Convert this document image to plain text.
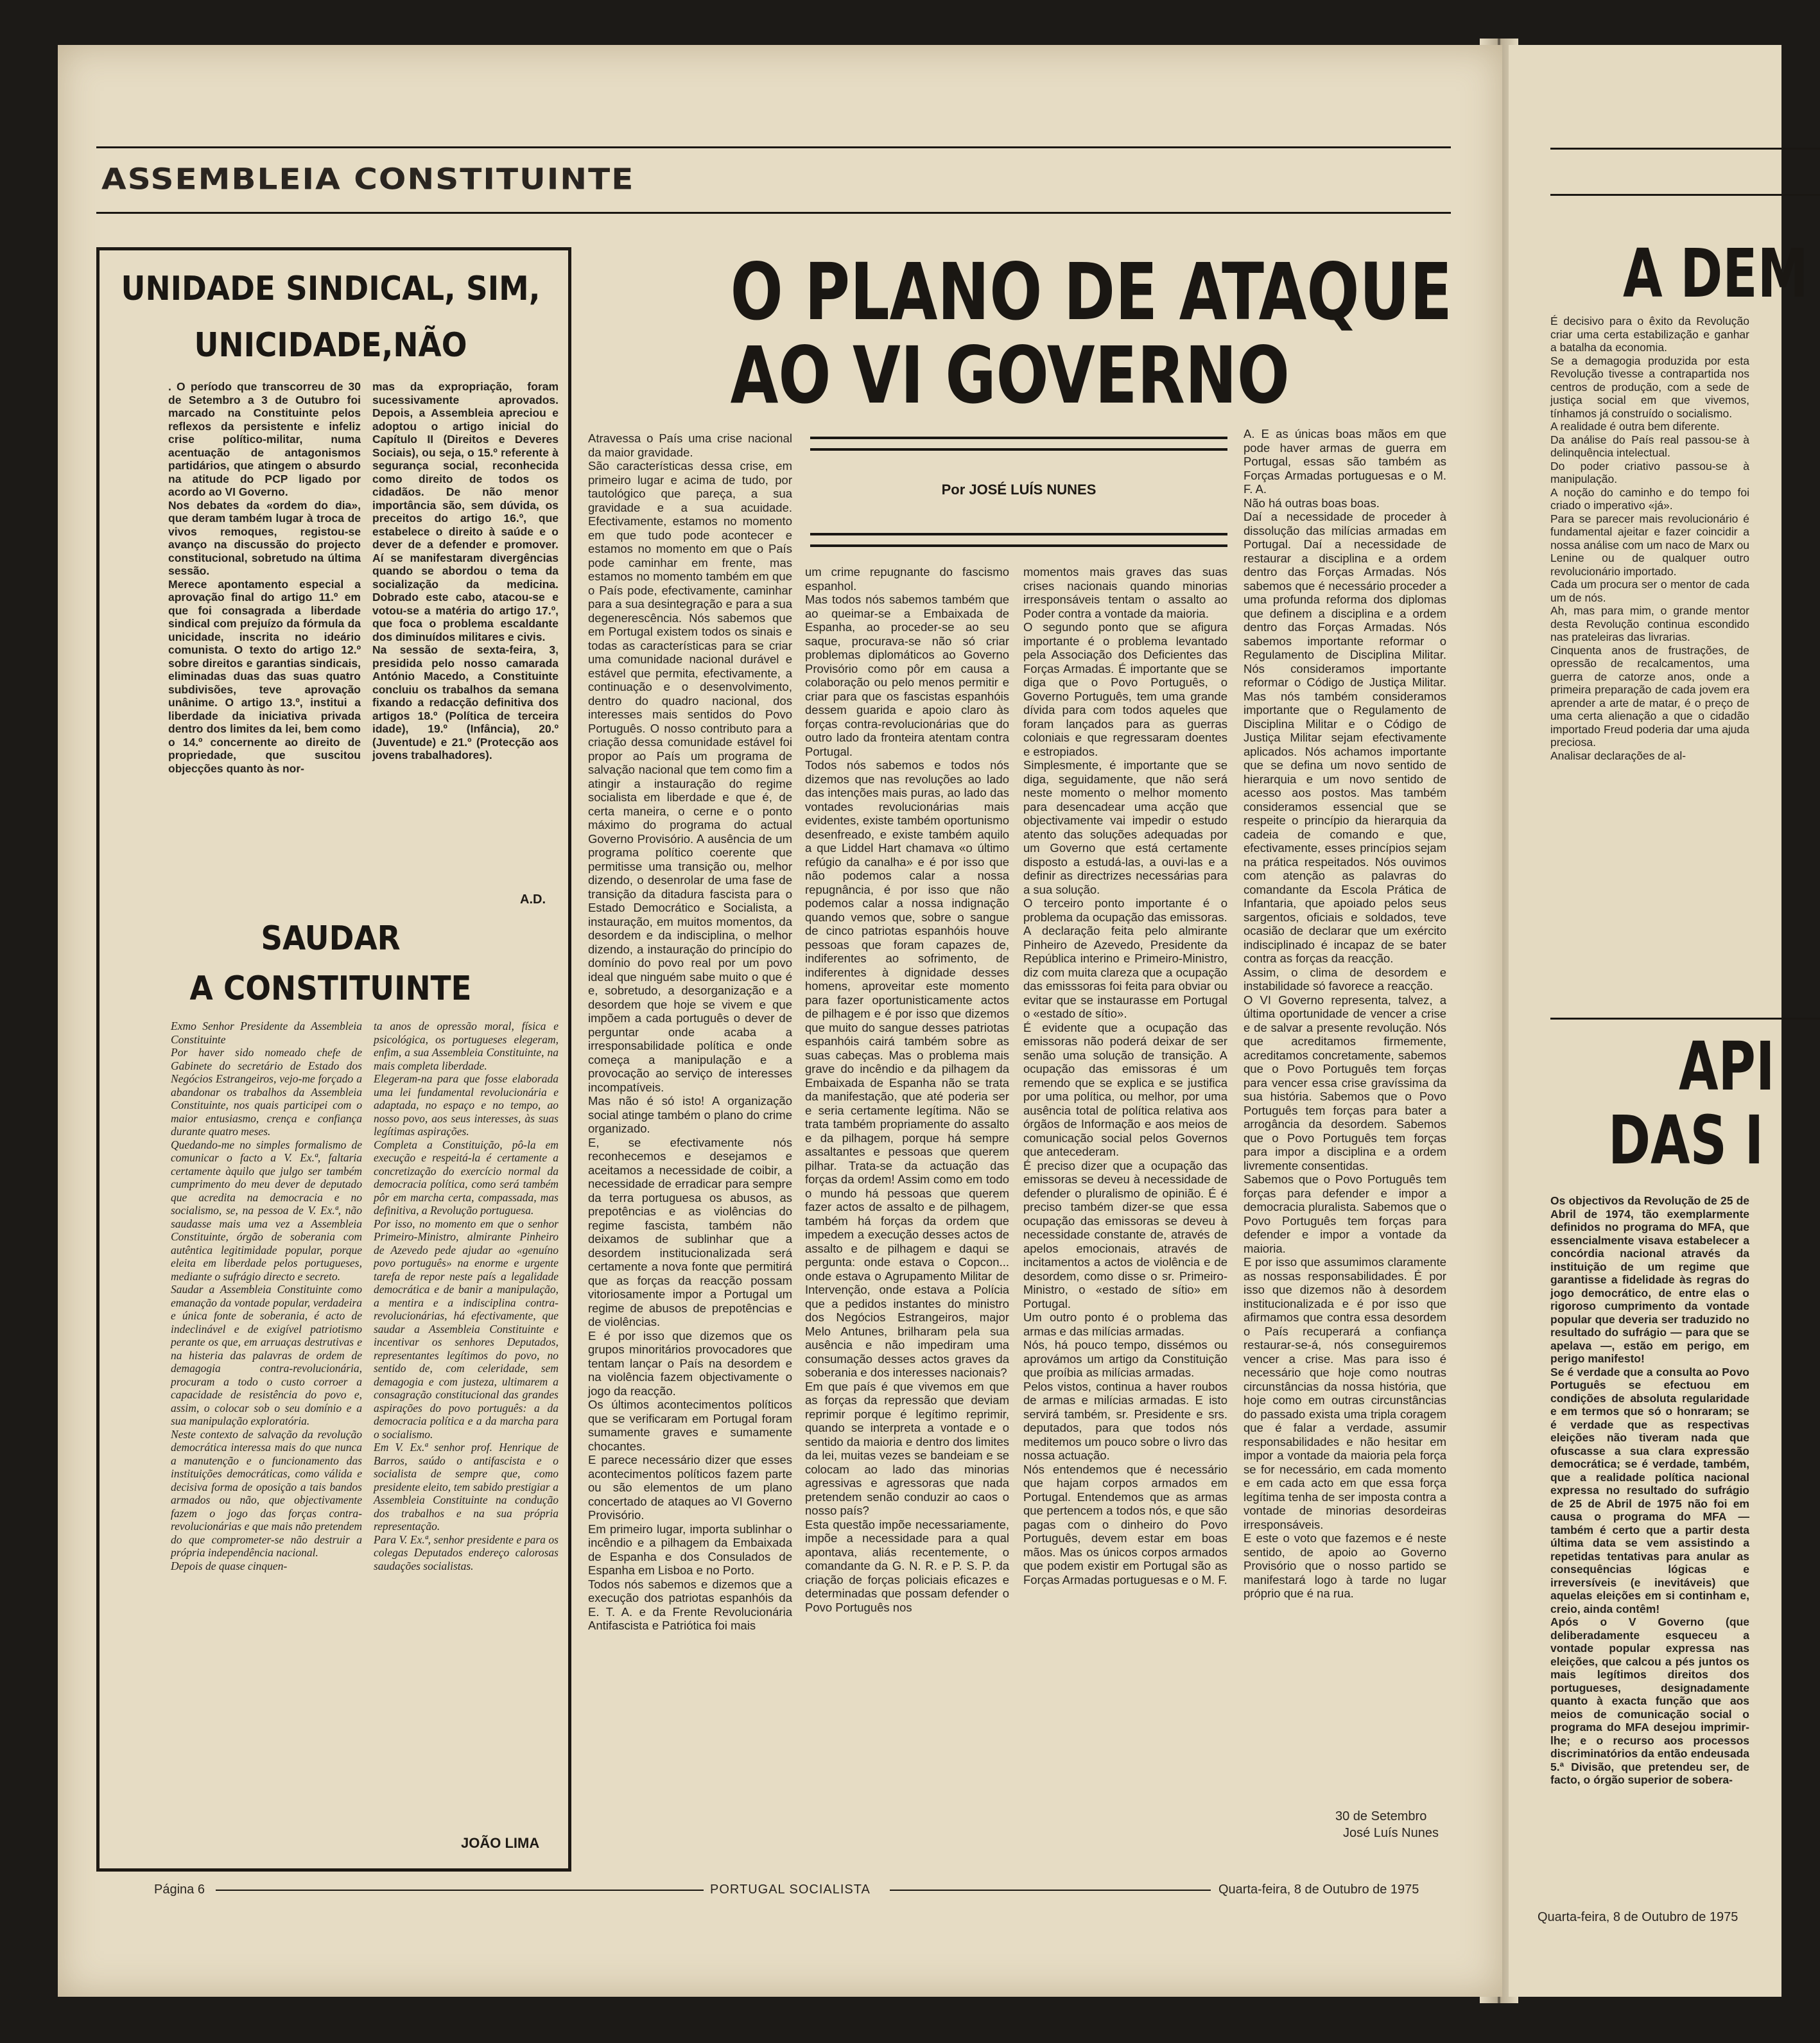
ASSEMBLEIA CONSTITUINTE
UNIDADE SINDICAL, SIM,
UNICIDADE,NÃO
. O período que transcorreu de 30 de Setembro a 3 de Outubro foi marcado na Constituinte pelos reflexos da persistente e infeliz crise político-militar, numa acentuação de antagonismos partidários, que atingem o absurdo na atitude do PCP ligado por acordo ao VI Governo.
Nos debates da «ordem do dia», que deram também lugar à troca de vivos remoques, registou-se avanço na discussão do projecto constitucional, sobretudo na última sessão.
Merece apontamento especial a aprovação final do artigo 11.º em que foi consagrada a liberdade sindical com prejuízo da fórmula da unicidade, inscrita no ideário comunista. O texto do artigo 12.º sobre direitos e garantias sindicais, eliminadas duas das suas quatro subdivisões, teve aprovação unânime. O artigo 13.º, institui a liberdade da iniciativa privada dentro dos limites da lei, bem como o 14.º concernente ao direito de propriedade, que suscitou objecções quanto às nor-
mas da expropriação, foram sucessivamente aprovados. Depois, a Assembleia apreciou e adoptou o artigo inicial do Capítulo II (Direitos e Deveres Sociais), ou seja, o 15.º referente à segurança social, reconhecida como direito de todos os cidadãos. De não menor importância são, sem dúvida, os preceitos do artigo 16.º, que estabelece o direito à saúde e o dever de a defender e promover. Aí se manifestaram divergências quando se abordou o tema da socialização da medicina. Dobrado este cabo, atacou-se e votou-se a matéria do artigo 17.º, que foca o problema escaldante dos diminuídos militares e civis.
Na sessão de sexta-feira, 3, presidida pelo nosso camarada António Macedo, a Constituinte concluiu os trabalhos da semana fixando a redacção definitiva dos artigos 18.º (Política de terceira idade), 19.º (Infância), 20.º (Juventude) e 21.º (Protecção aos jovens trabalhadores).
A.D.
SAUDAR
A CONSTITUINTE
Exmo Senhor Presidente da Assembleia Constituinte
Por haver sido nomeado chefe de Gabinete do secretário de Estado dos Negócios Estrangeiros, vejo-me forçado a abandonar os trabalhos da Assembleia Constituinte, nos quais participei com o maior entusiasmo, crença e confiança durante quatro meses.
Quedando-me no simples formalismo de comunicar o facto a V. Ex.ª, faltaria certamente àquilo que julgo ser também cumprimento do meu dever de deputado que acredita na democracia e no socialismo, se, na pessoa de V. Ex.ª, não saudasse mais uma vez a Assembleia Constituinte, órgão de soberania com autêntica legitimidade popular, porque eleita em liberdade pelos portugueses, mediante o sufrágio directo e secreto.
Saudar a Assembleia Constituinte como emanação da vontade popular, verdadeira e única fonte de soberania, é acto de indeclinável e de exigível patriotismo perante os que, em arruaças destrutivas e na histeria das palavras de ordem de demagogia contra-revolucionária, procuram a todo o custo corroer a capacidade de resistência do povo e, assim, o colocar sob o seu domínio e a sua manipulação exploratória.
Neste contexto de salvação da revolução democrática interessa mais do que nunca a manutenção e o funcionamento das instituições democráticas, como válida e decisiva forma de oposição a tais bandos armados ou não, que objectivamente fazem o jogo das forças contra-revolucionárias e que mais não pretendem do que comprometer-se não destruir a própria independência nacional.
Depois de quase cinquen-
ta anos de opressão moral, física e psicológica, os portugueses elegeram, enfim, a sua Assembleia Constituinte, na mais completa liberdade.
Elegeram-na para que fosse elaborada uma lei fundamental revolucionária e adaptada, no espaço e no tempo, ao nosso povo, aos seus interesses, às suas legítimas aspirações.
Completa a Constituição, pô-la em execução e respeitá-la é certamente a concretização do exercício normal da democracia política, como será também pôr em marcha certa, compassada, mas definitiva, a Revolução portuguesa.
Por isso, no momento em que o senhor Primeiro-Ministro, almirante Pinheiro de Azevedo pede ajudar ao «genuíno povo português» na enorme e urgente tarefa de repor neste país a legalidade democrática e de banir a manipulação, a mentira e a indisciplina contra-revolucionárias, há efectivamente, que saudar a Assembleia Constituinte e incentivar os senhores Deputados, representantes legítimos do povo, no sentido de, com celeridade, sem demagogia e com justeza, ultimarem a consagração constitucional das grandes aspirações do povo português: a da democracia política e a da marcha para o socialismo.
Em V. Ex.ª senhor prof. Henrique de Barros, saúdo o antifascista e o socialista de sempre que, como presidente eleito, tem sabido prestigiar a Assembleia Constituinte na condução dos trabalhos e na sua própria representação.
Para V. Ex.ª, senhor presidente e para os colegas Deputados endereço calorosas saudações socialistas.
JOÃO LIMA
O PLANO DE ATAQUE
AO VI GOVERNO
Por JOSÉ LUÍS NUNES
Atravessa o País uma crise nacional da maior gravidade.
São características dessa crise, em primeiro lugar e acima de tudo, por tautológico que pareça, a sua gravidade e a sua acuidade. Efectivamente, estamos no momento em que tudo pode acontecer e estamos no momento em que o País pode caminhar em frente, mas estamos no momento também em que o País pode, efectivamente, caminhar para a sua desintegração e para a sua degenerescência. Nós sabemos que em Portugal existem todos os sinais e todas as características para se criar uma comunidade nacional durável e estável que permita, efectivamente, a continuação e o desenvolvimento, dentro do quadro nacional, dos interesses mais sentidos do Povo Português. O nosso contributo para a criação dessa comunidade estável foi propor ao País um programa de salvação nacional que tem como fim a atingir a instauração do regime socialista em liberdade e que é, de certa maneira, o cerne e o ponto máximo do programa do actual Governo Provisório. A ausência de um programa político coerente que permitisse uma transição ou, melhor dizendo, o desenrolar de uma fase de transição da ditadura fascista para o Estado Democrático e Socialista, a instauração, em muitos momentos, da desordem e da indisciplina, o melhor dizendo, a instauração do princípio do domínio do povo real por um povo ideal que ninguém sabe muito o que é e, sobretudo, a desorganização e a desordem que hoje se vivem e que impõem a cada português o dever de perguntar onde acaba a irresponsabilidade política e onde começa a manipulação e a provocação ao serviço de interesses incompatíveis.
Mas não é só isto! A organização social atinge também o plano do crime organizado.
E, se efectivamente nós reconhecemos e desejamos e aceitamos a necessidade de coibir, a necessidade de erradicar para sempre da terra portuguesa os abusos, as prepotências e as violências do regime fascista, também não deixamos de sublinhar que a desordem institucionalizada será certamente a nova fonte que permitirá que as forças da reacção possam vitoriosamente impor a Portugal um regime de abusos de prepotências e de violências.
E é por isso que dizemos que os grupos minoritários provocadores que tentam lançar o País na desordem e na violência fazem objectivamente o jogo da reacção.
Os últimos acontecimentos políticos que se verificaram em Portugal foram sumamente graves e sumamente chocantes.
E parece necessário dizer que esses acontecimentos políticos fazem parte ou são elementos de um plano concertado de ataques ao VI Governo Provisório.
Em primeiro lugar, importa sublinhar o incêndio e a pilhagem da Embaixada de Espanha e dos Consulados de Espanha em Lisboa e no Porto.
Todos nós sabemos e dizemos que a execução dos patriotas espanhóis da E. T. A. e da Frente Revolucionária Antifascista e Patriótica foi mais
um crime repugnante do fascismo espanhol.
Mas todos nós sabemos também que ao queimar-se a Embaixada de Espanha, ao proceder-se ao seu saque, procurava-se não só criar problemas diplomáticos ao Governo Provisório como pôr em causa a colaboração ou pelo menos permitir e criar para que os fascistas espanhóis dessem guarida e apoio claro às forças contra-revolucionárias que do outro lado da fronteira atentam contra Portugal.
Todos nós sabemos e todos nós dizemos que nas revoluções ao lado das intenções mais puras, ao lado das vontades revolucionárias mais evidentes, existe também oportunismo desenfreado, e existe também aquilo a que Liddel Hart chamava «o último refúgio da canalha» e é por isso que não podemos calar a nossa repugnância, é por isso que não podemos calar a nossa indignação quando vemos que, sobre o sangue de cinco patriotas espanhóis houve pessoas que foram capazes de, indiferentes ao sofrimento, de indiferentes à dignidade desses homens, aproveitar este momento para fazer oportunisticamente actos de pilhagem e é por isso que dizemos que muito do sangue desses patriotas espanhóis cairá também sobre as suas cabeças. Mas o problema mais grave do incêndio e da pilhagem da Embaixada de Espanha não se trata da manifestação, que até poderia ser e seria certamente legítima. Não se trata também propriamente do assalto e da pilhagem, porque há sempre assaltantes e pessoas que querem pilhar. Trata-se da actuação das forças da ordem! Assim como em todo o mundo há pessoas que querem fazer actos de assalto e de pilhagem, também há forças da ordem que impedem a execução desses actos de assalto e de pilhagem e daqui se pergunta: onde estava o Copcon... onde estava o Agrupamento Militar de Intervenção, onde estava a Polícia que a pedidos instantes do ministro dos Negócios Estrangeiros, major Melo Antunes, brilharam pela sua ausência e não impediram uma consumação desses actos graves da soberania e dos interesses nacionais?
Em que país é que vivemos em que as forças da repressão que deviam reprimir porque é legítimo reprimir, quando se interpreta a vontade e o sentido da maioria e dentro dos limites da lei, muitas vezes se bandeiam e se colocam ao lado das minorias agressivas e agressoras que nada pretendem senão conduzir ao caos o nosso país?
Esta questão impõe necessariamente, impõe a necessidade para a qual apontava, aliás recentemente, o comandante da G. N. R. e P. S. P. da criação de forças policiais eficazes e determinadas que possam defender o Povo Português nos
momentos mais graves das suas crises nacionais quando minorias irresponsáveis tentam o assalto ao Poder contra a vontade da maioria.
O segundo ponto que se afigura importante é o problema levantado pela Associação dos Deficientes das Forças Armadas. É importante que se diga que o Povo Português, o Governo Português, tem uma grande dívida para com todos aqueles que foram lançados para as guerras coloniais e que regressaram doentes e estropiados.
Simplesmente, é importante que se diga, seguidamente, que não será neste momento o melhor momento para desencadear uma acção que objectivamente vai impedir o estudo atento das soluções adequadas por um Governo que está certamente disposto a estudá-las, a ouvi-las e a definir as directrizes necessárias para a sua solução.
O terceiro ponto importante é o problema da ocupação das emissoras.
A declaração feita pelo almirante Pinheiro de Azevedo, Presidente da República interino e Primeiro-Ministro, diz com muita clareza que a ocupação das emisssoras foi feita para obviar ou evitar que se instaurasse em Portugal o «estado de sítio».
É evidente que a ocupação das emissoras não poderá deixar de ser senão uma solução de transição. A ocupação das emissoras é um remendo que se explica e se justifica por uma política, ou melhor, por uma ausência total de política relativa aos órgãos de Informação e aos meios de comunicação social pelos Governos que antecederam.
É preciso dizer que a ocupação das emissoras se deveu à necessidade de defender o pluralismo de opinião. É é preciso também dizer-se que essa ocupação das emissoras se deveu à necessidade constante de, através de apelos emocionais, através de incitamentos a actos de violência e de desordem, como disse o sr. Primeiro-Ministro, o «estado de sítio» em Portugal.
Um outro ponto é o problema das armas e das milícias armadas.
Nós, há pouco tempo, dissémos ou aprovámos um artigo da Constituição que proíbia as milícias armadas.
Pelos vistos, continua a haver roubos de armas e milícias armadas. E isto servirá também, sr. Presidente e srs. deputados, para que todos nós meditemos um pouco sobre o livro das nossa actuação.
Nós entendemos que é necessário que hajam corpos armados em Portugal. Entendemos que as armas que pertencem a todos nós, e que são pagas com o dinheiro do Povo Português, devem estar em boas mãos. Mas os únicos corpos armados que podem existir em Portugal são as Forças Armadas portuguesas e o M. F.
A. E as únicas boas mãos em que pode haver armas de guerra em Portugal, essas são também as Forças Armadas portuguesas e o M. F. A.
Não há outras boas boas.
Daí a necessidade de proceder à dissolução das milícias armadas em Portugal. Daí a necessidade de restaurar a disciplina e a ordem dentro das Forças Armadas. Nós sabemos que é necessário proceder a uma profunda reforma dos diplomas que definem a disciplina e a ordem dentro das Forças Armadas. Nós sabemos importante reformar o Regulamento de Disciplina Militar. Nós consideramos importante reformar o Código de Justiça Militar. Mas nós também consideramos importante que o Regulamento de Disciplina Militar e o Código de Justiça Militar sejam efectivamente aplicados. Nós achamos importante que se defina um novo sentido de hierarquia e um novo sentido de acesso aos postos. Mas também consideramos essencial que se respeite o princípio da hierarquia da cadeia de comando e que, efectivamente, esses princípios sejam na prática respeitados. Nós ouvimos com atenção as palavras do comandante da Escola Prática de Infantaria, que apoiado pelos seus sargentos, oficiais e soldados, teve ocasião de declarar que um exército indisciplinado é incapaz de se bater contra as forças da reacção.
Assim, o clima de desordem e instabilidade só favorece a reacção.
O VI Governo representa, talvez, a última oportunidade de vencer a crise e de salvar a presente revolução. Nós que acreditamos firmemente, acreditamos concretamente, sabemos que o Povo Português tem forças para vencer essa crise gravíssima da sua história. Sabemos que o Povo Português tem forças para bater a arrogância da desordem. Sabemos que o Povo Português tem forças para impor a disciplina e a ordem livremente consentidas.
Sabemos que o Povo Português tem forças para defender e impor a democracia pluralista. Sabemos que o Povo Português tem forças para defender e impor a vontade da maioria.
E por isso que assumimos claramente as nossas responsabilidades. É por isso que dizemos não à desordem institucionalizada e é por isso que afirmamos que contra essa desordem o País recuperará a confiança restaurar-se-á, nós conseguiremos vencer a crise. Mas para isso é necessário que hoje como noutras circunstâncias da nossa história, que hoje como em outras circunstâncias do passado exista uma tripla coragem que é falar a verdade, assumir responsabilidades e não hesitar em impor a vontade da maioria pela força se for necessário, em cada momento e em cada acto em que essa força legítima tenha de ser imposta contra a vontade de minorias desordeiras irresponsáveis.
E este o voto que fazemos e é neste sentido, de apoio ao Governo Provisório que o nosso partido se manifestará logo à tarde no lugar próprio que é na rua.
30 de Setembro
José Luís Nunes
Página 6	PORTUGAL SOCIALISTA	Quarta-feira, 8 de Outubro de 1975
A DEM
É decisivo para o êxito da Revolução criar uma certa estabilização e ganhar a batalha da economia.
Se a demagogia produzida por esta Revolução tivesse a contrapartida nos centros de produção, com a sede de justiça social em que vivemos, tínhamos já construído o socialismo.
A realidade é outra bem diferente.
Da análise do País real passou-se à delinquência intelectual.
Do poder criativo passou-se à manipulação.
A noção do caminho e do tempo foi criado o imperativo «já».
Para se parecer mais revolucionário é fundamental ajeitar e fazer coincidir a nossa análise com um naco de Marx ou Lenine ou de qualquer outro revolucionário importado.
Cada um procura ser o mentor de cada um de nós.
Ah, mas para mim, o grande mentor desta Revolução continua escondido nas prateleiras das livrarias.
Cinquenta anos de frustrações, de opressão de recalcamentos, uma guerra de catorze anos, onde a primeira preparação de cada jovem era aprender a arte de matar, é o preço de uma certa alienação a que o cidadão importado Freud poderia dar uma ajuda preciosa.
Analisar declarações de al-
API
DAS I
Os objectivos da Revolução de 25 de Abril de 1974, tão exemplarmente definidos no programa do MFA, que essencialmente visava estabelecer a concórdia nacional através da instituição de um regime que garantisse a fidelidade às regras do jogo democrático, de entre elas o rigoroso cumprimento da vontade popular que deveria ser traduzido no resultado do sufrágio — para que se apelava —, estão em perigo, em perigo manifesto!
Se é verdade que a consulta ao Povo Português se efectuou em condições de absoluta regularidade e em termos que só o honraram; se é verdade que as respectivas eleições não tiveram nada que ofuscasse a sua clara expressão democrática; se é verdade, também, que a realidade política nacional expressa no resultado do sufrágio de 25 de Abril de 1975 não foi em causa o programa do MFA — também é certo que a partir desta última data se vem assistindo a repetidas tentativas para anular as consequências lógicas e irreversíveis (e inevitáveis) que aquelas eleições em si continham e, creio, ainda contêm!
Após o V Governo (que deliberadamente esqueceu a vontade popular expressa nas eleições, que calcou a pés juntos os mais legítimos direitos dos portugueses, designadamente quanto à exacta função que aos meios de comunicação social o programa do MFA desejou imprimir-lhe; e o recurso aos processos discriminatórios da então endeusada 5.ª Divisão, que pretendeu ser, de facto, o órgão superior de sobera-
Quarta-feira, 8 de Outubro de 1975
